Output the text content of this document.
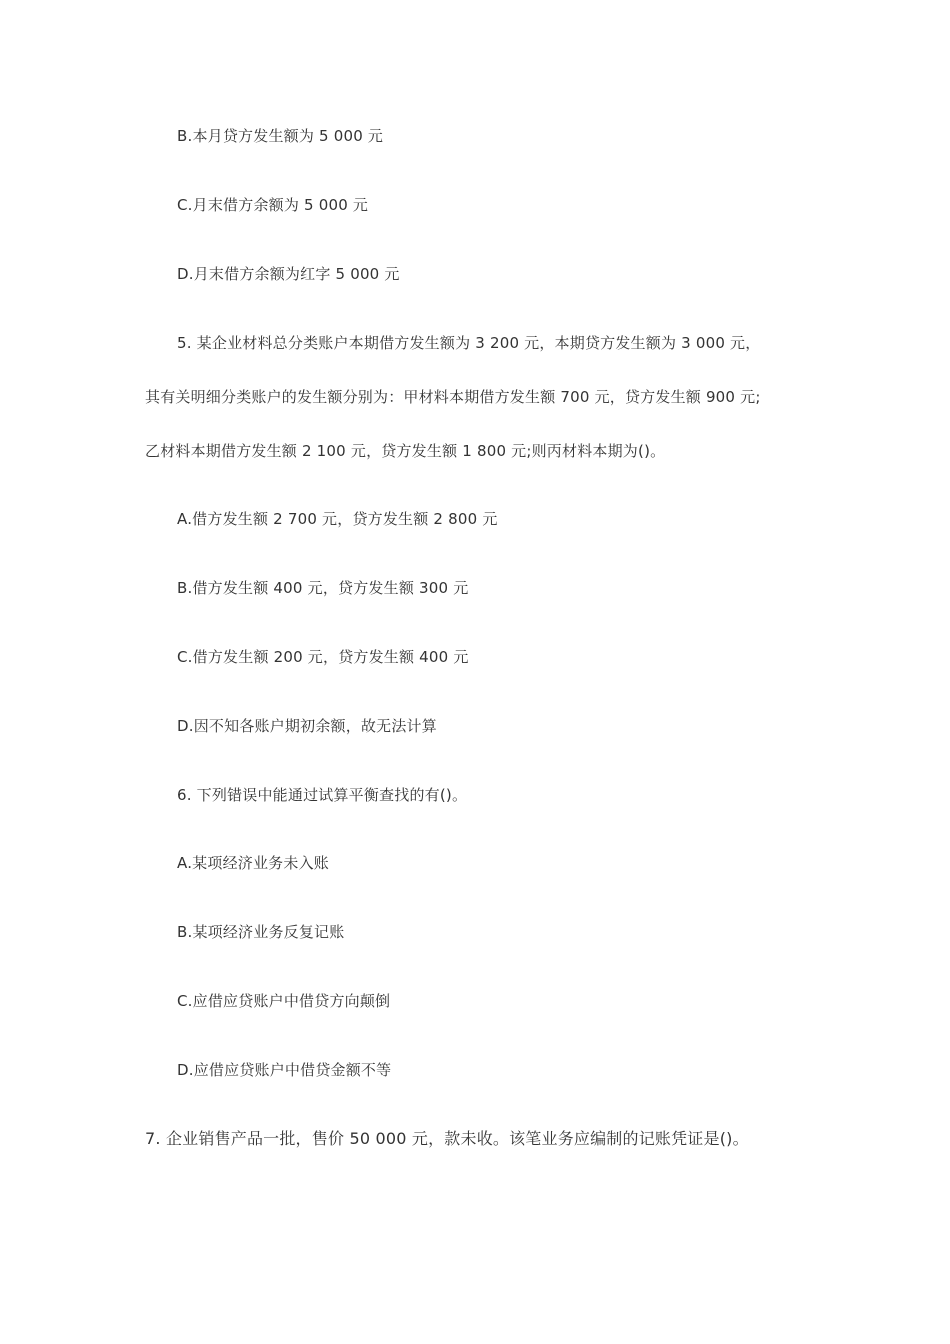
B.本月贷方发生额为 5 000 元
C.月末借方余额为 5 000 元
D.月末借方余额为红字 5 000 元
5. 某企业材料总分类账户本期借方发生额为 3 200 元，本期贷方发生额为 3 000 元，
其有关明细分类账户的发生额分别为：甲材料本期借方发生额 700 元，贷方发生额 900 元;
乙材料本期借方发生额 2 100 元，贷方发生额 1 800 元;则丙材料本期为()。
A.借方发生额 2 700 元，贷方发生额 2 800 元
B.借方发生额 400 元，贷方发生额 300 元
C.借方发生额 200 元，贷方发生额 400 元
D.因不知各账户期初余额，故无法计算
6. 下列错误中能通过试算平衡查找的有()。
A.某项经济业务未入账
B.某项经济业务反复记账
C.应借应贷账户中借贷方向颠倒
D.应借应贷账户中借贷金额不等
7. 企业销售产品一批，售价 50 000 元，款未收。该笔业务应编制的记账凭证是()。
